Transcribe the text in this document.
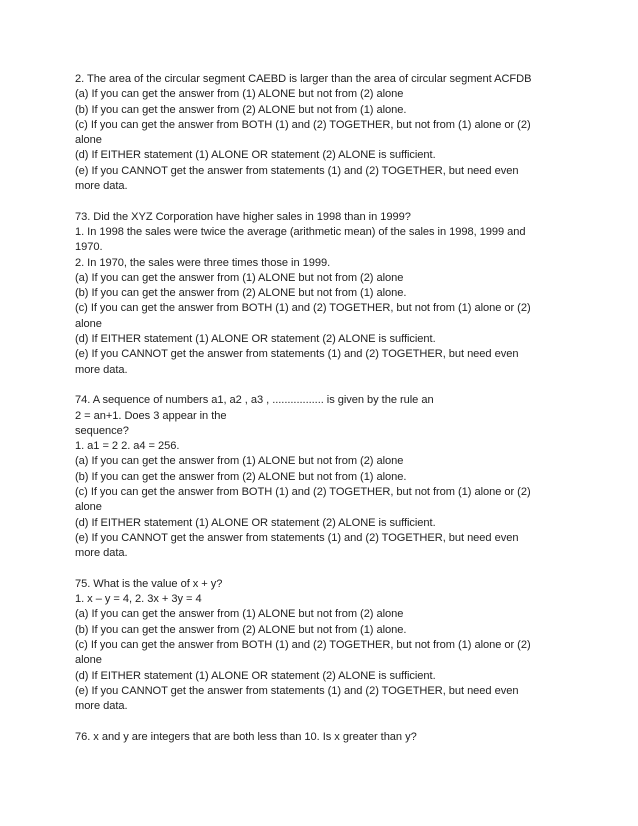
2. The area of the circular segment CAEBD is larger than the area of circular segment ACFDB
(a) If you can get the answer from (1) ALONE but not from (2) alone
(b) If you can get the answer from (2) ALONE but not from (1) alone.
(c) If you can get the answer from BOTH (1) and (2) TOGETHER, but not from (1) alone or (2)
alone
(d) If EITHER statement (1) ALONE OR statement (2) ALONE is sufficient.
(e) If you CANNOT get the answer from statements (1) and (2) TOGETHER, but need even
more data.
73. Did the XYZ Corporation have higher sales in 1998 than in 1999?
1. In 1998 the sales were twice the average (arithmetic mean) of the sales in 1998, 1999 and
1970.
2. In 1970, the sales were three times those in 1999.
(a) If you can get the answer from (1) ALONE but not from (2) alone
(b) If you can get the answer from (2) ALONE but not from (1) alone.
(c) If you can get the answer from BOTH (1) and (2) TOGETHER, but not from (1) alone or (2)
alone
(d) If EITHER statement (1) ALONE OR statement (2) ALONE is sufficient.
(e) If you CANNOT get the answer from statements (1) and (2) TOGETHER, but need even
more data.
74. A sequence of numbers a1, a2 , a3 , ................. is given by the rule an
2 = an+1. Does 3 appear in the
sequence?
1. a1 = 2 2. a4 = 256.
(a) If you can get the answer from (1) ALONE but not from (2) alone
(b) If you can get the answer from (2) ALONE but not from (1) alone.
(c) If you can get the answer from BOTH (1) and (2) TOGETHER, but not from (1) alone or (2)
alone
(d) If EITHER statement (1) ALONE OR statement (2) ALONE is sufficient.
(e) If you CANNOT get the answer from statements (1) and (2) TOGETHER, but need even
more data.
75. What is the value of x + y?
1. x – y = 4, 2. 3x + 3y = 4
(a) If you can get the answer from (1) ALONE but not from (2) alone
(b) If you can get the answer from (2) ALONE but not from (1) alone.
(c) If you can get the answer from BOTH (1) and (2) TOGETHER, but not from (1) alone or (2)
alone
(d) If EITHER statement (1) ALONE OR statement (2) ALONE is sufficient.
(e) If you CANNOT get the answer from statements (1) and (2) TOGETHER, but need even
more data.
76. x and y are integers that are both less than 10. Is x greater than y?
